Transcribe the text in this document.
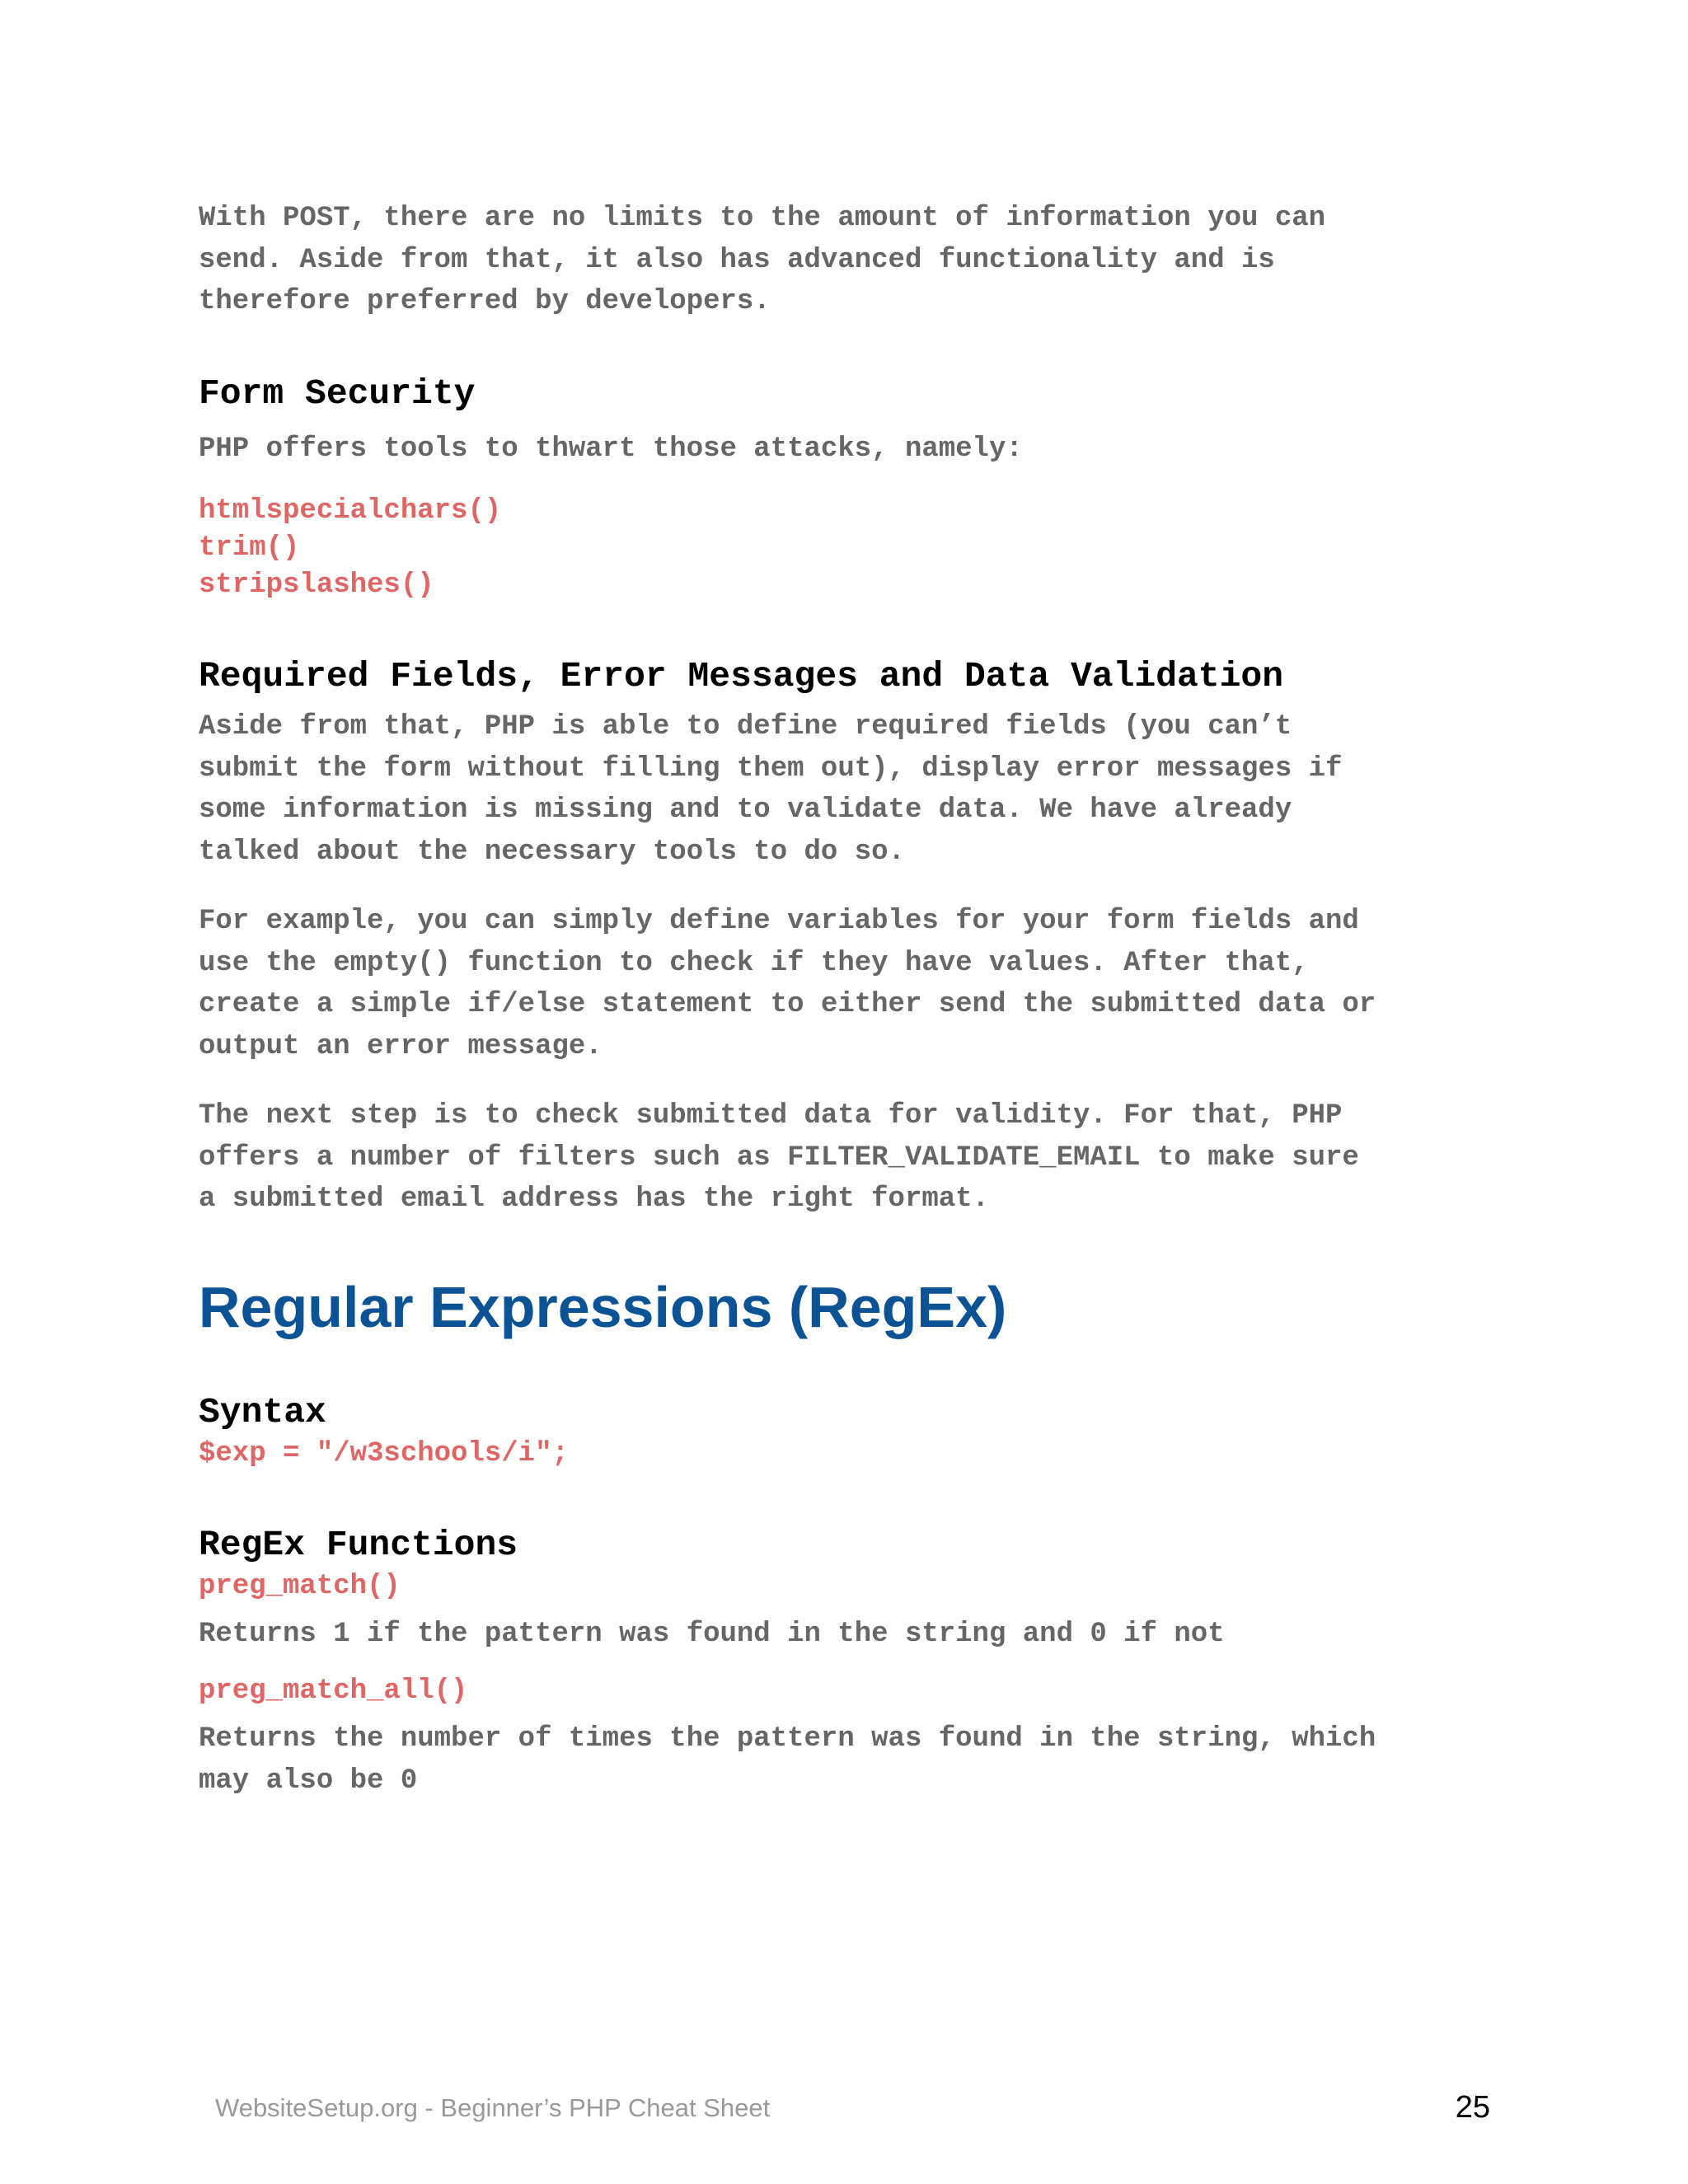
With POST, there are no limits to the amount of information you can
send. Aside from that, it also has advanced functionality and is
therefore preferred by developers.

Form Security

PHP offers tools to thwart those attacks, namely:

htmlspecialchars()

trim()

stripslashes()

Required Fields, Error Messages and Data Validation

Aside from that, PHP is able to define required fields (you can’t
submit the form without filling them out), display error messages if
some information is missing and to validate data. We have already
talked about the necessary tools to do so.

For example, you can simply define variables for your form fields and
use the empty() function to check if they have values. After that,
create a simple if/else statement to either send the submitted data or
output an error message.

The next step is to check submitted data for validity. For that, PHP
offers a number of filters such as FILTER_VALIDATE_EMAIL to make sure
a submitted email address has the right format.

Regular Expressions (RegEx)
Syntax

$exp = "/w3schools/i";

RegEx Functions

preg_match()

Returns 1 if the pattern was found in the string and 0 if not

preg_match_all()

Returns the number of times the pattern was found in the string, which
may also be 0

WebsiteSetup.org - Beginner’s PHP Cheat Sheet	25
